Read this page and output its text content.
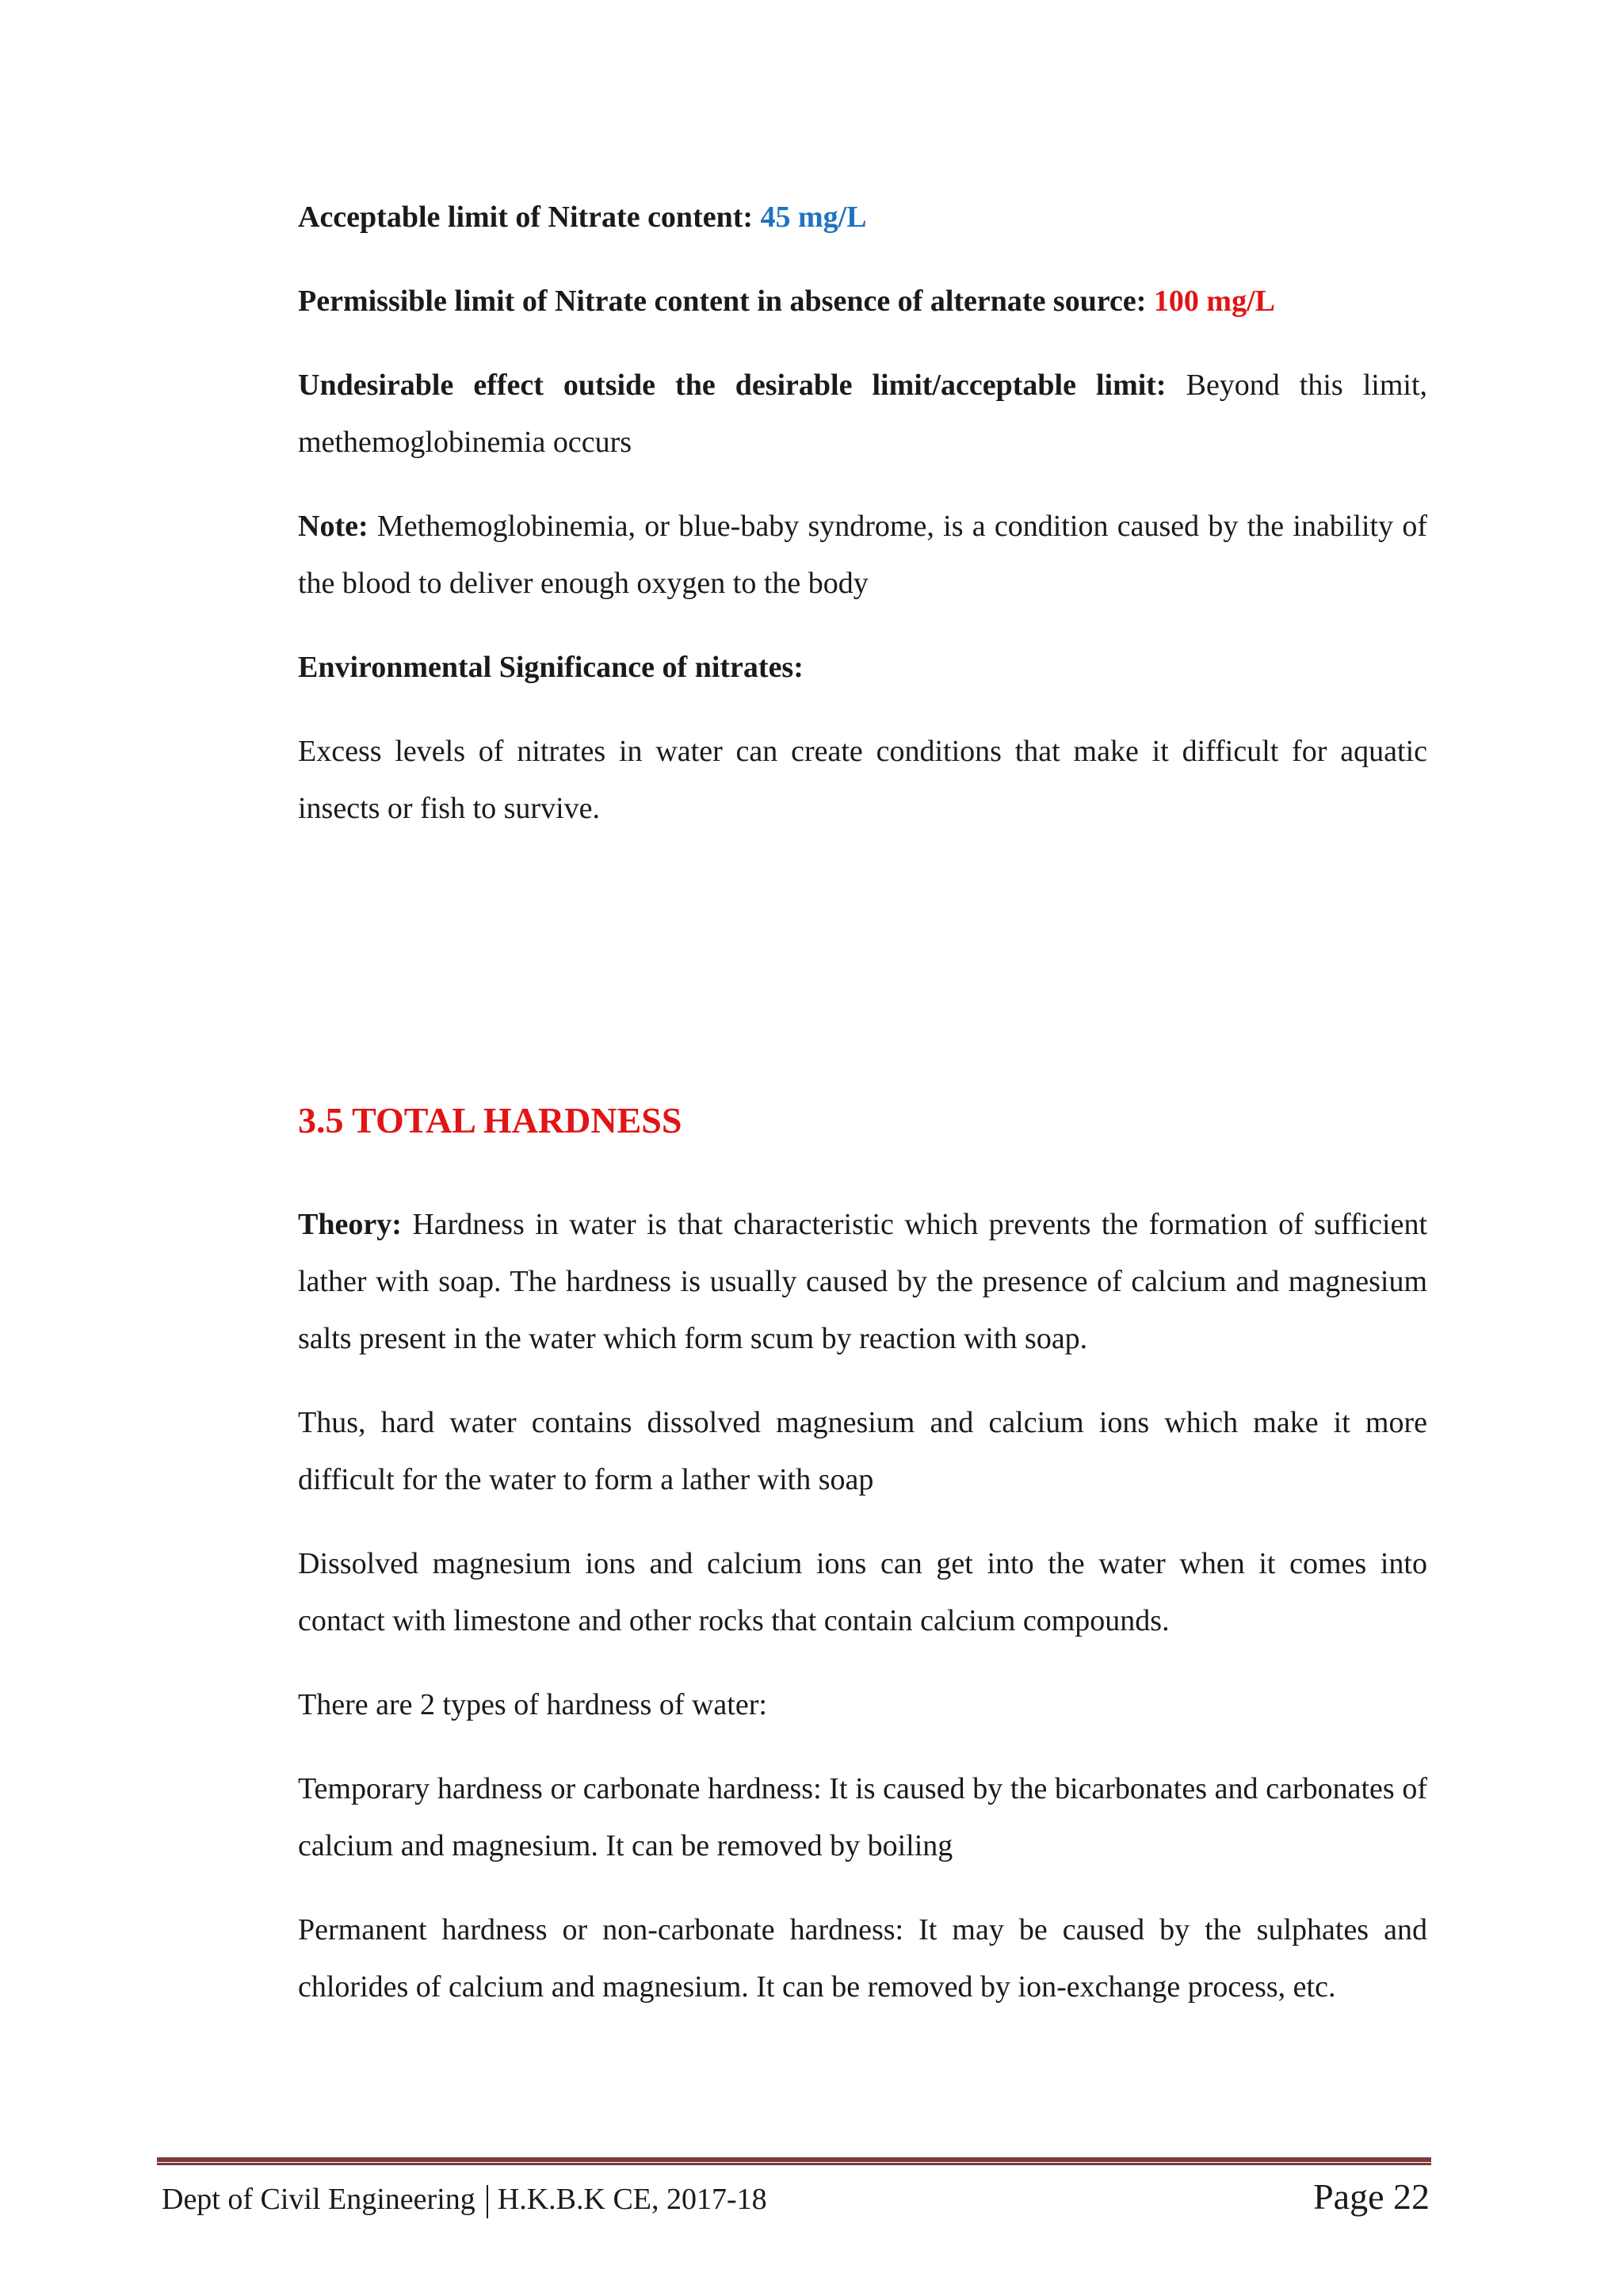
Acceptable limit of Nitrate content: 45 mg/L

Permissible limit of Nitrate content in absence of alternate source: 100 mg/L

Undesirable effect outside the desirable limit/acceptable limit: Beyond this limit, methemoglobinemia occurs

Note: Methemoglobinemia, or blue-baby syndrome, is a condition caused by the inability of the blood to deliver enough oxygen to the body

Environmental Significance of nitrates:

Excess levels of nitrates in water can create conditions that make it difficult for aquatic insects or fish to survive.

3.5 TOTAL HARDNESS

Theory: Hardness in water is that characteristic which prevents the formation of sufficient lather with soap. The hardness is usually caused by the presence of calcium and magnesium salts present in the water which form scum by reaction with soap.

Thus, hard water contains dissolved magnesium and calcium ions which make it more difficult for the water to form a lather with soap

Dissolved magnesium ions and calcium ions can get into the water when it comes into contact with limestone and other rocks that contain calcium compounds.

There are 2 types of hardness of water:

Temporary hardness or carbonate hardness: It is caused by the bicarbonates and carbonates of calcium and magnesium. It can be removed by boiling

Permanent hardness or non-carbonate hardness: It may be caused by the sulphates and chlorides of calcium and magnesium. It can be removed by ion-exchange process, etc.

Dept of Civil Engineering H.K.B.K CE, 2017-18	Page 22
